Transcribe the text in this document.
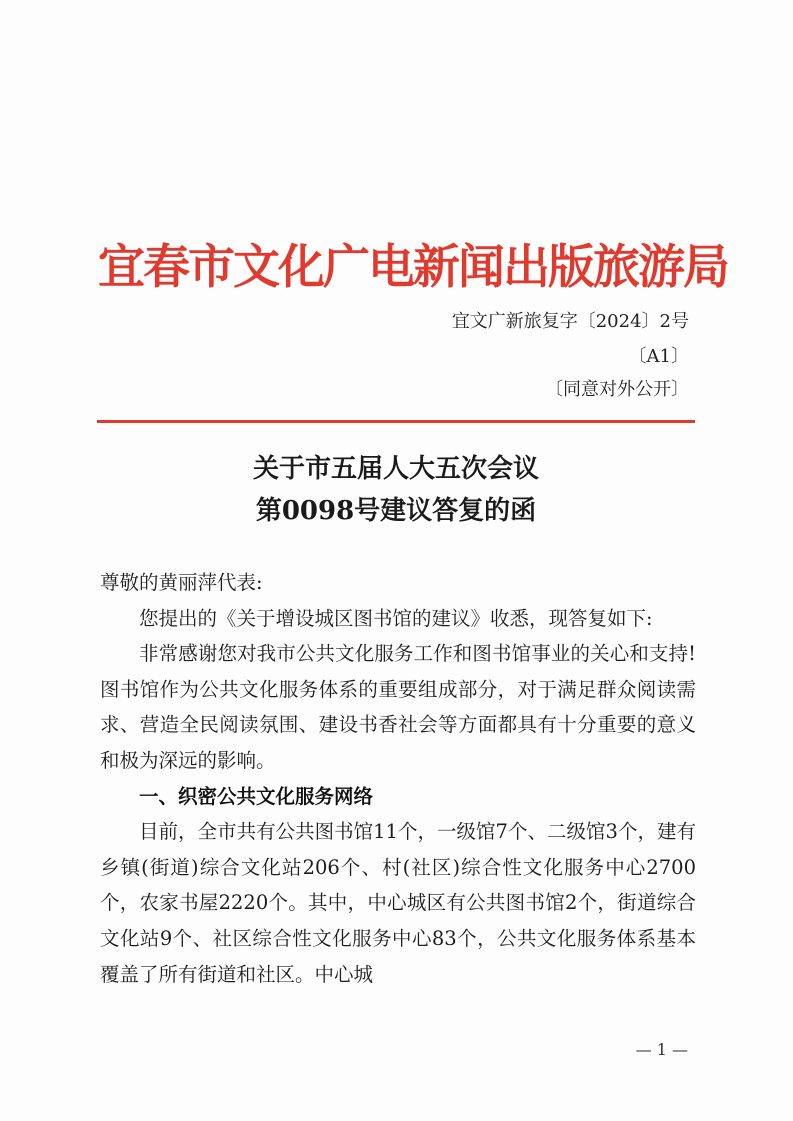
宜春市文化广电新闻出版旅游局
宜文广新旅复字〔2024〕2号
〔A1〕
〔同意对外公开〕
关于市五届人大五次会议
第0098号建议答复的函

尊敬的黄丽萍代表:

您提出的《关于增设城区图书馆的建议》收悉，现答复如下:

非常感谢您对我市公共文化服务工作和图书馆事业的关心和支持!图书馆作为公共文化服务体系的重要组成部分，对于满足群众阅读需求、营造全民阅读氛围、建设书香社会等方面都具有十分重要的意义和极为深远的影响。

一、织密公共文化服务网络

目前，全市共有公共图书馆11个，一级馆7个、二级馆3个，建有乡镇(街道)综合文化站206个、村(社区)综合性文化服务中心2700个，农家书屋2220个。其中，中心城区有公共图书馆2个，街道综合文化站9个、社区综合性文化服务中心83个，公共文化服务体系基本覆盖了所有街道和社区。中心城

— 1 —
